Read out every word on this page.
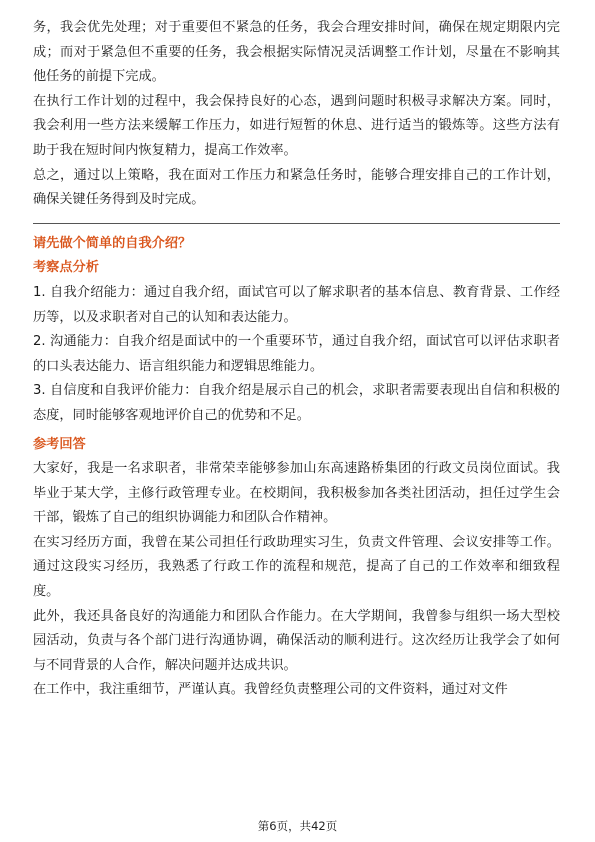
务，我会优先处理；对于重要但不紧急的任务，我会合理安排时间，确保在规定期限内完成；而对于紧急但不重要的任务，我会根据实际情况灵活调整工作计划，尽量在不影响其他任务的前提下完成。

在执行工作计划的过程中，我会保持良好的心态，遇到问题时积极寻求解决方案。同时，我会利用一些方法来缓解工作压力，如进行短暂的休息、进行适当的锻炼等。这些方法有助于我在短时间内恢复精力，提高工作效率。

总之，通过以上策略，我在面对工作压力和紧急任务时，能够合理安排自己的工作计划，确保关键任务得到及时完成。

请先做个简单的自我介绍？

考察点分析

1. 自我介绍能力：通过自我介绍，面试官可以了解求职者的基本信息、教育背景、工作经历等，以及求职者对自己的认知和表达能力。

2. 沟通能力：自我介绍是面试中的一个重要环节，通过自我介绍，面试官可以评估求职者的口头表达能力、语言组织能力和逻辑思维能力。

3. 自信度和自我评价能力：自我介绍是展示自己的机会，求职者需要表现出自信和积极的态度，同时能够客观地评价自己的优势和不足。

参考回答

大家好，我是一名求职者，非常荣幸能够参加山东高速路桥集团的行政文员岗位面试。我毕业于某大学，主修行政管理专业。在校期间，我积极参加各类社团活动，担任过学生会干部，锻炼了自己的组织协调能力和团队合作精神。

在实习经历方面，我曾在某公司担任行政助理实习生，负责文件管理、会议安排等工作。通过这段实习经历，我熟悉了行政工作的流程和规范，提高了自己的工作效率和细致程度。

此外，我还具备良好的沟通能力和团队合作能力。在大学期间，我曾参与组织一场大型校园活动，负责与各个部门进行沟通协调，确保活动的顺利进行。这次经历让我学会了如何与不同背景的人合作，解决问题并达成共识。

在工作中，我注重细节，严谨认真。我曾经负责整理公司的文件资料，通过对文件

第6页，共42页
